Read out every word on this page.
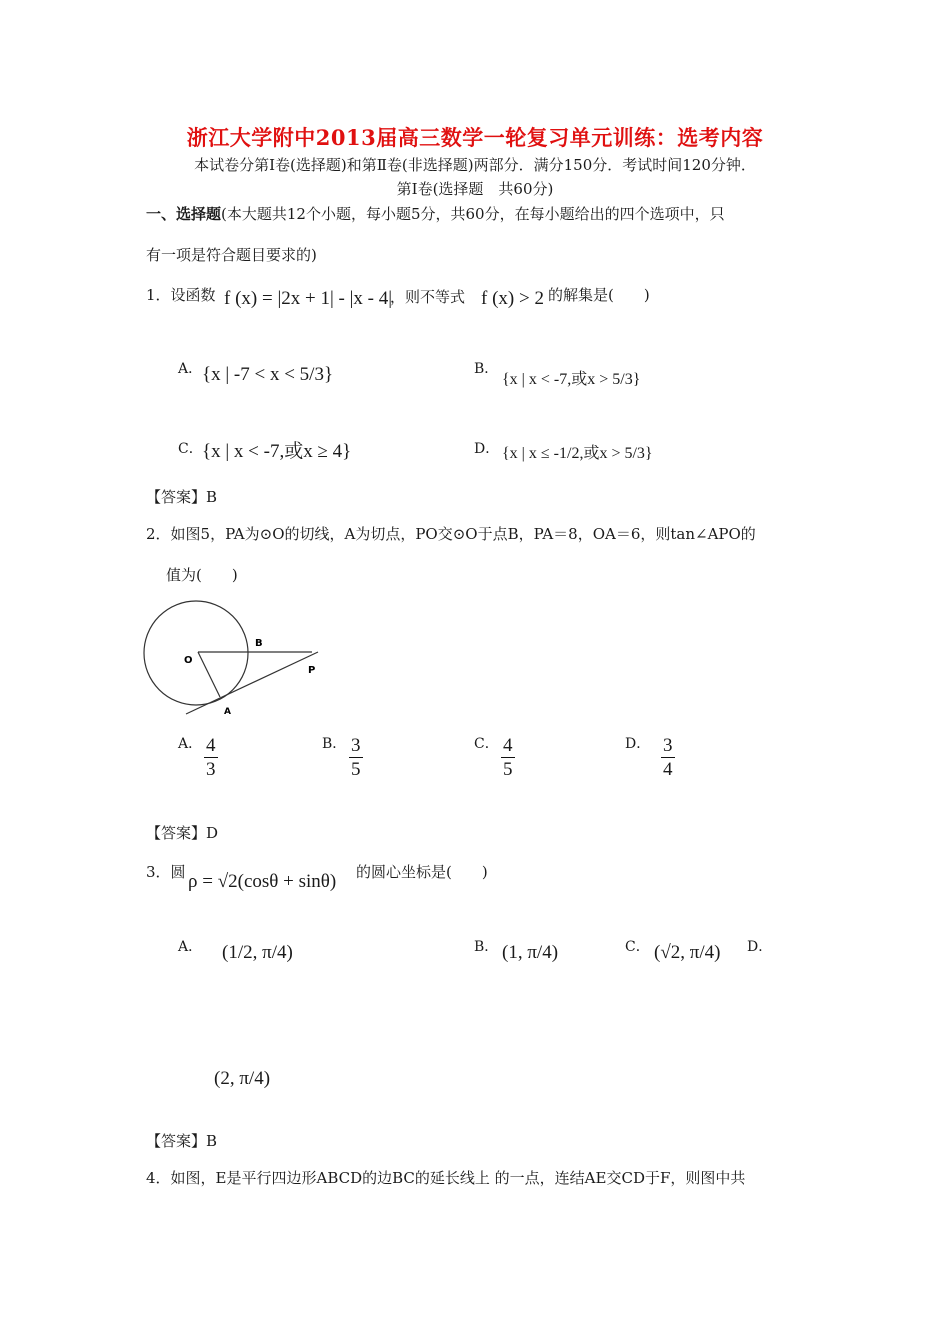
浙江大学附中2013届高三数学一轮复习单元训练：选考内容
本试卷分第Ⅰ卷(选择题)和第Ⅱ卷(非选择题)两部分．满分150分．考试时间120分钟．
第Ⅰ卷(选择题　共60分)
一、选择题(本大题共12个小题，每小题5分，共60分，在每小题给出的四个选项中，只
有一项是符合题目要求的)
1．设函数 f (x) = |2x + 1| - |x - 4|
，则不等式 f (x) > 2 的解集是(　　)
A． {x | -7 < x < 5/3}	B．
{x | x < -7,或x > 5/3}
C． {x | x < -7,或x ≥ 4}	D． {x | x ≤ -1/2,或x > 5/3}
【答案】B
2．如图5，PA为⊙O的切线，A为切点，PO交⊙O于点B，PA＝8，OA＝6，则tan∠APO的
值为(　　)
O
B
P
A
A． $\frac{4}{3}$	B． $\frac{3}{5}$	C． $\frac{4}{5}$	D． $\frac{3}{4}$
【答案】D
3．圆 ρ = √2(cosθ + sinθ) 的圆心坐标是(　　)
A． (1/2, π/4)	B． (1, π/4)	C． (√2, π/4) D．
(2, π/4)
【答案】B
4．如图，E是平行四边形ABCD的边BC的延长线上 的一点，连结AE交CD于F，则图中共
